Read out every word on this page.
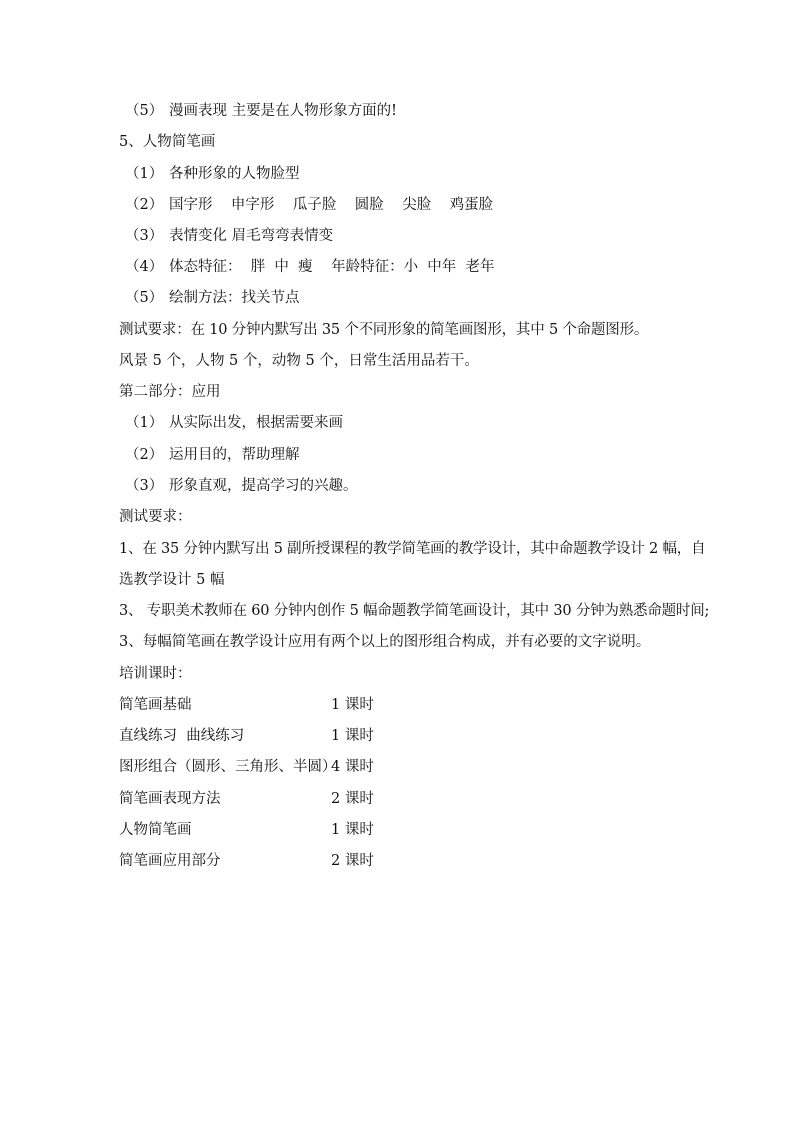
（5） 漫画表现 主要是在人物形象方面的!
5、人物简笔画
（1） 各种形象的人物脸型
（2） 国字形    申字形    瓜子脸    圆脸    尖脸    鸡蛋脸
（3） 表情变化 眉毛弯弯表情变
（4） 体态特征：  胖  中  瘦    年龄特征：小  中年  老年
（5） 绘制方法：找关节点
测试要求：在 10 分钟内默写出 35 个不同形象的简笔画图形，其中 5 个命题图形。
风景 5 个，人物 5 个，动物 5 个，日常生活用品若干。
第二部分：应用
（1） 从实际出发，根据需要来画
（2） 运用目的，帮助理解
（3） 形象直观，提高学习的兴趣。
测试要求：
1、在 35 分钟内默写出 5 副所授课程的教学简笔画的教学设计，其中命题教学设计 2 幅，自
选教学设计 5 幅
3、 专职美术教师在 60 分钟内创作 5 幅命题教学简笔画设计，其中 30 分钟为熟悉命题时间;
3、每幅简笔画在教学设计应用有两个以上的图形组合构成，并有必要的文字说明。
培训课时：
简笔画基础	1 课时
直线练习  曲线练习	1 课时
图形组合（圆形、三角形、半圆）4 课时
简笔画表现方法	2 课时
人物简笔画	1 课时
简笔画应用部分	2 课时
